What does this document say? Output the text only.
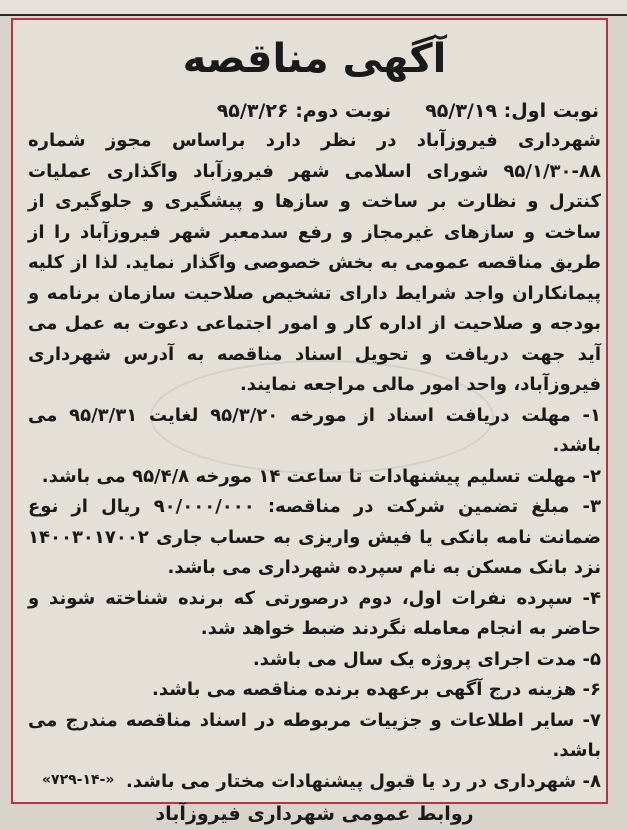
آگهی مناقصه
نوبت اول: ۹۵/۳/۱۹
نوبت دوم: ۹۵/۳/۲۶

شهرداری فیروزآباد در نظر دارد براساس مجوز شماره ۸۸-۹۵/۱/۳۰ شورای اسلامی شهر فیروزآباد واگذاری عملیات کنترل و نظارت بر ساخت و سازها و پیشگیری و جلوگیری از ساخت و سازهای غیرمجاز و رفع سدمعبر شهر فیروزآباد را از طریق مناقصه عمومی به بخش خصوصی واگذار نماید. لذا از کلیه پیمانکاران واجد شرایط دارای تشخیص صلاحیت سازمان برنامه و بودجه و صلاحیت از اداره کار و امور اجتماعی دعوت به عمل می آید جهت دریافت و تحویل اسناد مناقصه به آدرس شهرداری فیروزآباد، واحد امور مالی مراجعه نمایند.

۱- مهلت دریافت اسناد از مورخه ۹۵/۳/۲۰ لغایت ۹۵/۳/۳۱ می باشد.

۲- مهلت تسلیم پیشنهادات تا ساعت ۱۴ مورخه ۹۵/۴/۸ می باشد.

۳- مبلغ تضمین شرکت در مناقصه: ۹۰/۰۰۰/۰۰۰ ریال از نوع ضمانت نامه بانکی یا فیش واریزی به حساب جاری ۱۴۰۰۳۰۱۷۰۰۲ نزد بانک مسکن به نام سپرده شهرداری می باشد.

۴- سپرده نفرات اول، دوم درصورتی که برنده شناخته شوند و حاضر به انجام معامله نگردند ضبط خواهد شد.

۵- مدت اجرای پروژه یک سال می باشد.

۶- هزینه درج آگهی برعهده برنده مناقصه می باشد.

۷- سایر اطلاعات و جزییات مربوطه در اسناد مناقصه مندرج می باشد.

۸- شهرداری در رد یا قبول پیشنهادات مختار می باشد.

روابط عمومی شهرداری فیروزآباد
«۷۲۹-۱۴-»
